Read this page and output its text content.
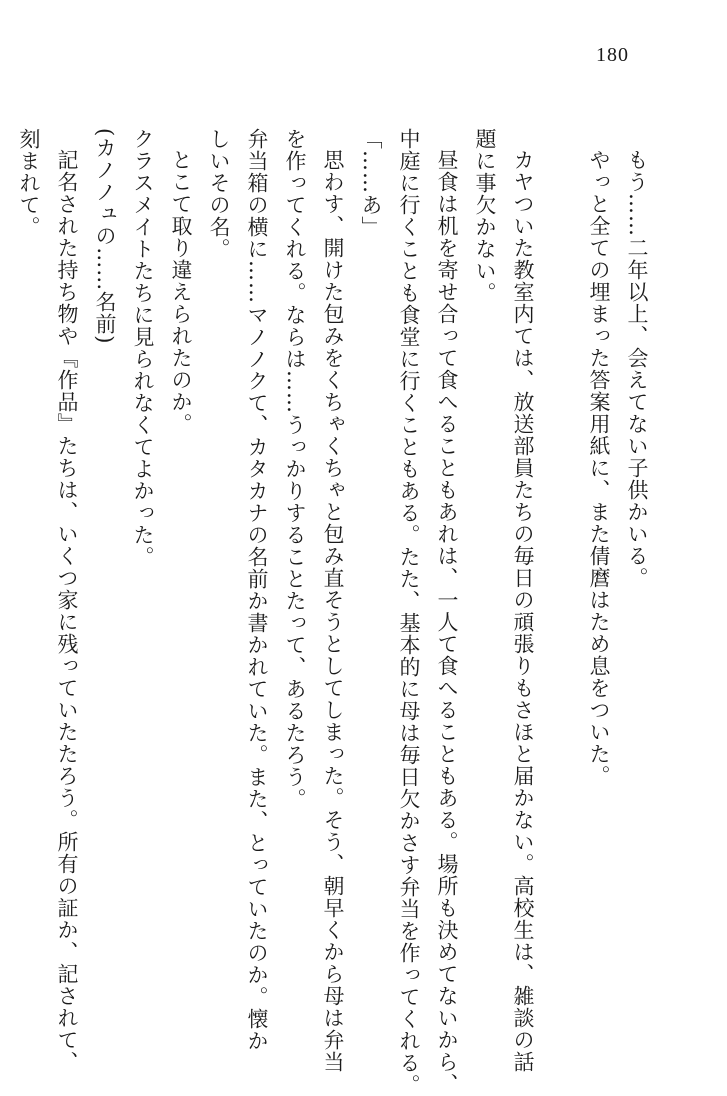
180
もう……二年以上、会えてない子供かいる。
やっと全ての埋まった答案用紙に、また倩麿はため息をついた。

カヤついた教室内ては、放送部員たちの毎日の頑張りもさほと届かない。高校生は、雑談の話
題に事欠かない。
昼食は机を寄せ合って食へることもあれは、一人て食へることもある。場所も決めてないから、
中庭に行くことも食堂に行くこともある。たた、基本的に母は毎日欠かさす弁当を作ってくれる。
「……あ」
思わす、開けた包みをくちゃくちゃと包み直そうとしてしまった。そう、朝早くから母は弁当
を作ってくれる。ならは……うっかりすることたって、あるたろう。
弁当箱の横に……マノノクて、カタカナの名前か書かれていた。また、とっていたのか。懐か
しいその名。
とこて取り違えられたのか。
クラスメイトたちに見られなくてよかった。
(カノノュの……名前)
記名された持ち物や『作品』たちは、いくつ家に残っていたたろう。所有の証か、記されて、
刻まれて。
